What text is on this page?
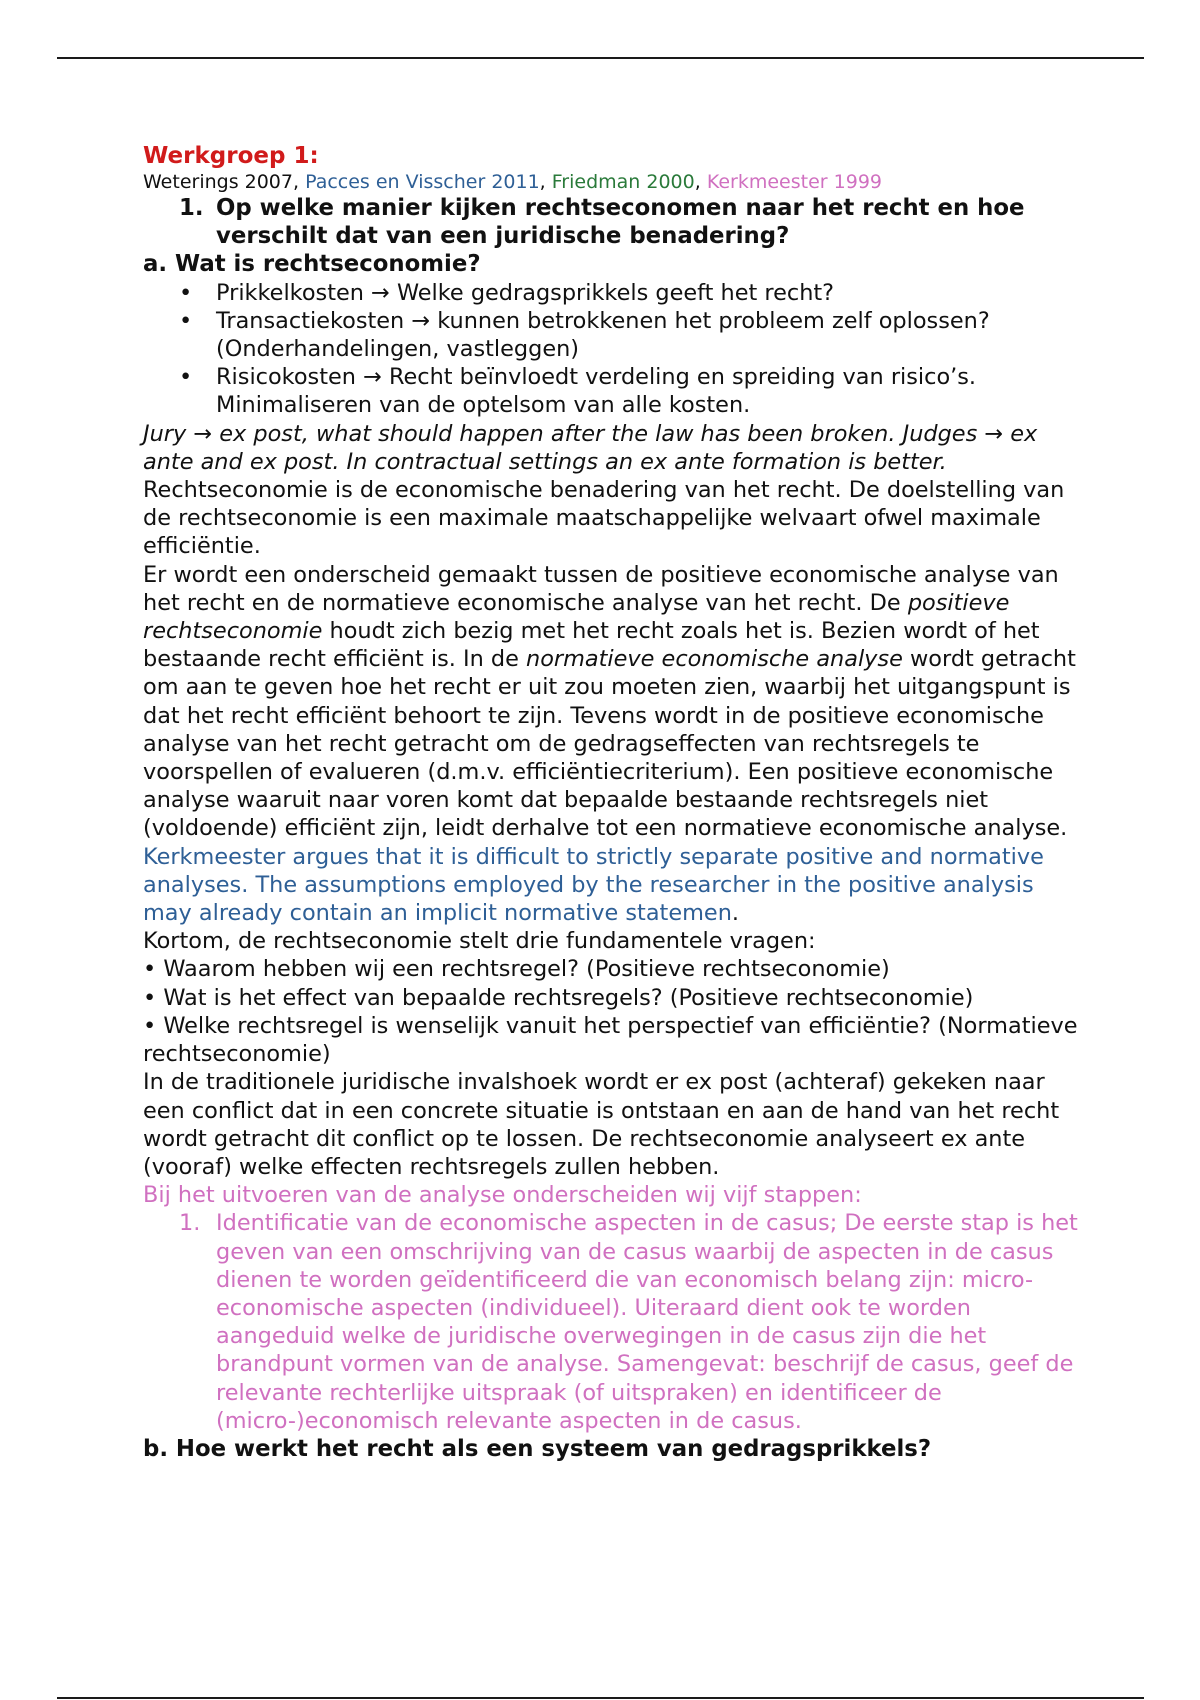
Werkgroep 1:

Weterings 2007, Pacces en Visscher 2011, Friedman 2000, Kerkmeester 1999

1. Op welke manier kijken rechtseconomen naar het recht en hoe verschilt dat van een juridische benadering?

a. Wat is rechtseconomie?

• Prikkelkosten → Welke gedragsprikkels geeft het recht?
• Transactiekosten → kunnen betrokkenen het probleem zelf oplossen? (Onderhandelingen, vastleggen)
• Risicokosten → Recht beïnvloedt verdeling en spreiding van risico’s. Minimaliseren van de optelsom van alle kosten.

Jury → ex post, what should happen after the law has been broken. Judges → ex ante and ex post. In contractual settings an ex ante formation is better.

Rechtseconomie is de economische benadering van het recht. De doelstelling van de rechtseconomie is een maximale maatschappelijke welvaart ofwel maximale efficiëntie.

Er wordt een onderscheid gemaakt tussen de positieve economische analyse van het recht en de normatieve economische analyse van het recht. De positieve rechtseconomie houdt zich bezig met het recht zoals het is. Bezien wordt of het bestaande recht efficiënt is. In de normatieve economische analyse wordt getracht om aan te geven hoe het recht er uit zou moeten zien, waarbij het uitgangspunt is dat het recht efficiënt behoort te zijn. Tevens wordt in de positieve economische analyse van het recht getracht om de gedragseffecten van rechtsregels te voorspellen of evalueren (d.m.v. efficiëntiecriterium). Een positieve economische analyse waaruit naar voren komt dat bepaalde bestaande rechtsregels niet (voldoende) efficiënt zijn, leidt derhalve tot een normatieve economische analyse. Kerkmeester argues that it is difficult to strictly separate positive and normative analyses. The assumptions employed by the researcher in the positive analysis may already contain an implicit normative statemen.

Kortom, de rechtseconomie stelt drie fundamentele vragen:

• Waarom hebben wij een rechtsregel? (Positieve rechtseconomie)

• Wat is het effect van bepaalde rechtsregels? (Positieve rechtseconomie)

• Welke rechtsregel is wenselijk vanuit het perspectief van efficiëntie? (Normatieve rechtseconomie)

In de traditionele juridische invalshoek wordt er ex post (achteraf) gekeken naar een conflict dat in een concrete situatie is ontstaan en aan de hand van het recht wordt getracht dit conflict op te lossen. De rechtseconomie analyseert ex ante (vooraf) welke effecten rechtsregels zullen hebben.

Bij het uitvoeren van de analyse onderscheiden wij vijf stappen:

1. Identificatie van de economische aspecten in de casus; De eerste stap is het geven van een omschrijving van de casus waarbij de aspecten in de casus dienen te worden geïdentificeerd die van economisch belang zijn: micro-economische aspecten (individueel). Uiteraard dient ook te worden aangeduid welke de juridische overwegingen in de casus zijn die het brandpunt vormen van de analyse. Samengevat: beschrijf de casus, geef de relevante rechterlijke uitspraak (of uitspraken) en identificeer de (micro-)economisch relevante aspecten in de casus.

b. Hoe werkt het recht als een systeem van gedragsprikkels?
